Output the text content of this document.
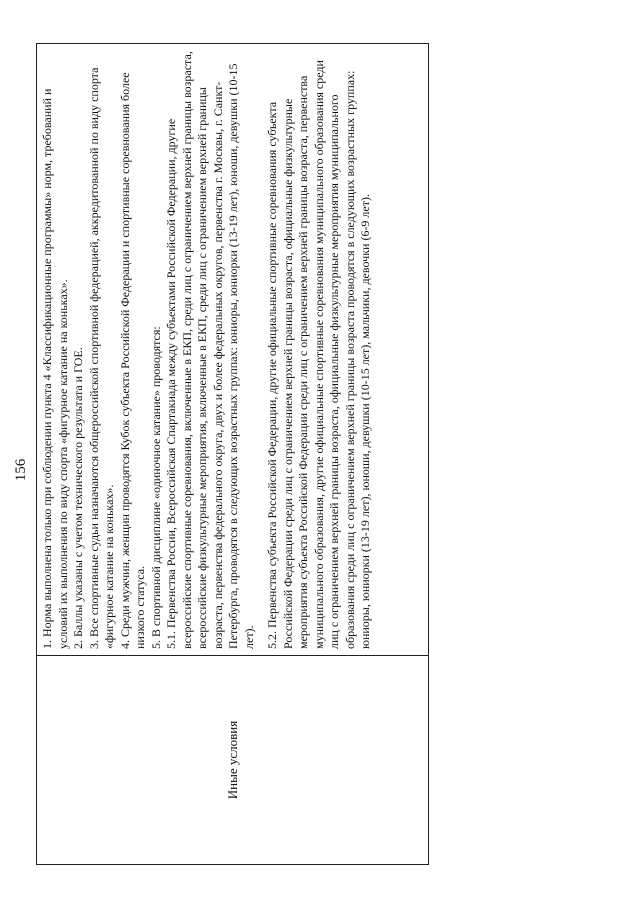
156
Иные условия

1. Норма выполнена только при соблюдении пункта 4 «Классификационные программы» норм, требований и условий их выполнения по виду спорта «фигурное катание на коньках». 2. Баллы указаны с учетом технического результата и ГОЕ. 3. Все спортивные судьи назначаются общероссийской спортивной федерацией, аккредитованной по виду спорта «фигурное катание на коньках». 4. Среди мужчин, женщин проводятся Кубок субъекта Российской Федерации и спортивные соревнования более низкого статуса. 5. В спортивной дисциплине «одиночное катание» проводятся: 5.1. Первенства России, Всероссийская Спартакиада между субъектами Российской Федерации, другие всероссийские спортивные соревнования, включенные в ЕКП, среди лиц с ограничением верхней границы возраста, всероссийские физкультурные мероприятия, включенные в ЕКП, среди лиц с ограничением верхней границы возраста, первенства федерального округа, двух и более федеральных округов, первенства г. Москвы, г. Санкт-Петербурга, проводятся в следующих возрастных группах: юниоры, юниорки (13-19 лет), юноши, девушки (10-15 лет). 5.2. Первенства субъекта Российской Федерации, другие официальные спортивные соревнования субъекта Российской Федерации среди лиц с ограничением верхней границы возраста, официальные физкультурные мероприятия субъекта Российской Федерации среди лиц с ограничением верхней границы возраста, первенства муниципального образования, другие официальные спортивные соревнования муниципального образования среди лиц с ограничением верхней границы возраста, официальные физкультурные мероприятия муниципального образования среди лиц с ограничением верхней границы возраста проводятся в следующих возрастных группах: юниоры, юниорки (13-19 лет), юноши, девушки (10-15 лет), мальчики, девочки (6-9 лет).
